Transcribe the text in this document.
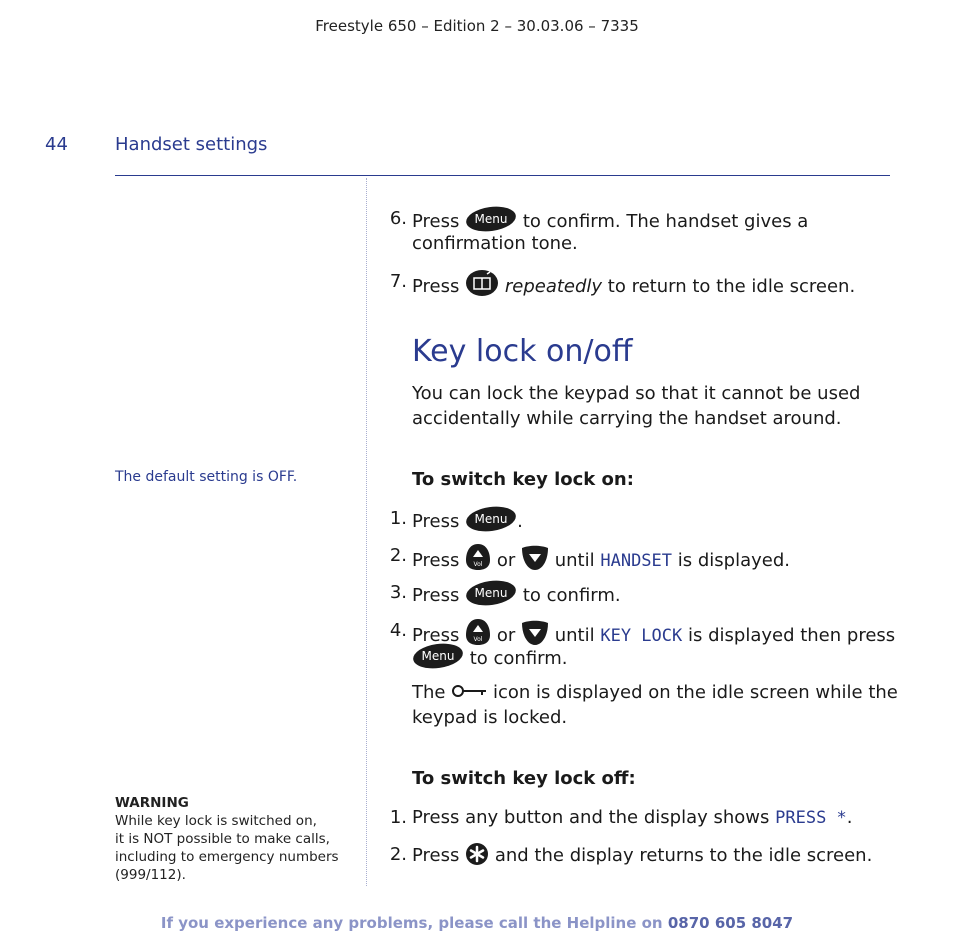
Freestyle 650 – Edition 2 – 30.03.06 – 7335
44	Handset settings
6. Press Menu to confirm. The handset gives a
confirmation tone.
7. Press	repeatedly to return to the idle screen.
Key lock on/off
You can lock the keypad so that it cannot be used accidentally while carrying the handset around.
The default setting is OFF.	To switch key lock on:
1. Press Menu .
2. Press Vol or until HANDSET is displayed.
3. Press Menu to confirm.
4. Press Vol or until KEY LOCK is displayed then press
Menu to confirm.
The	icon is displayed on the idle screen while the
keypad is locked.
To switch key lock off:
1. Press any button and the display shows PRESS *.
2. Press and the display returns to the idle screen.
WARNING
While key lock is switched on,
it is NOT possible to make calls,
including to emergency numbers
(999/112).
If you experience any problems, please call the Helpline on 0870 605 8047
